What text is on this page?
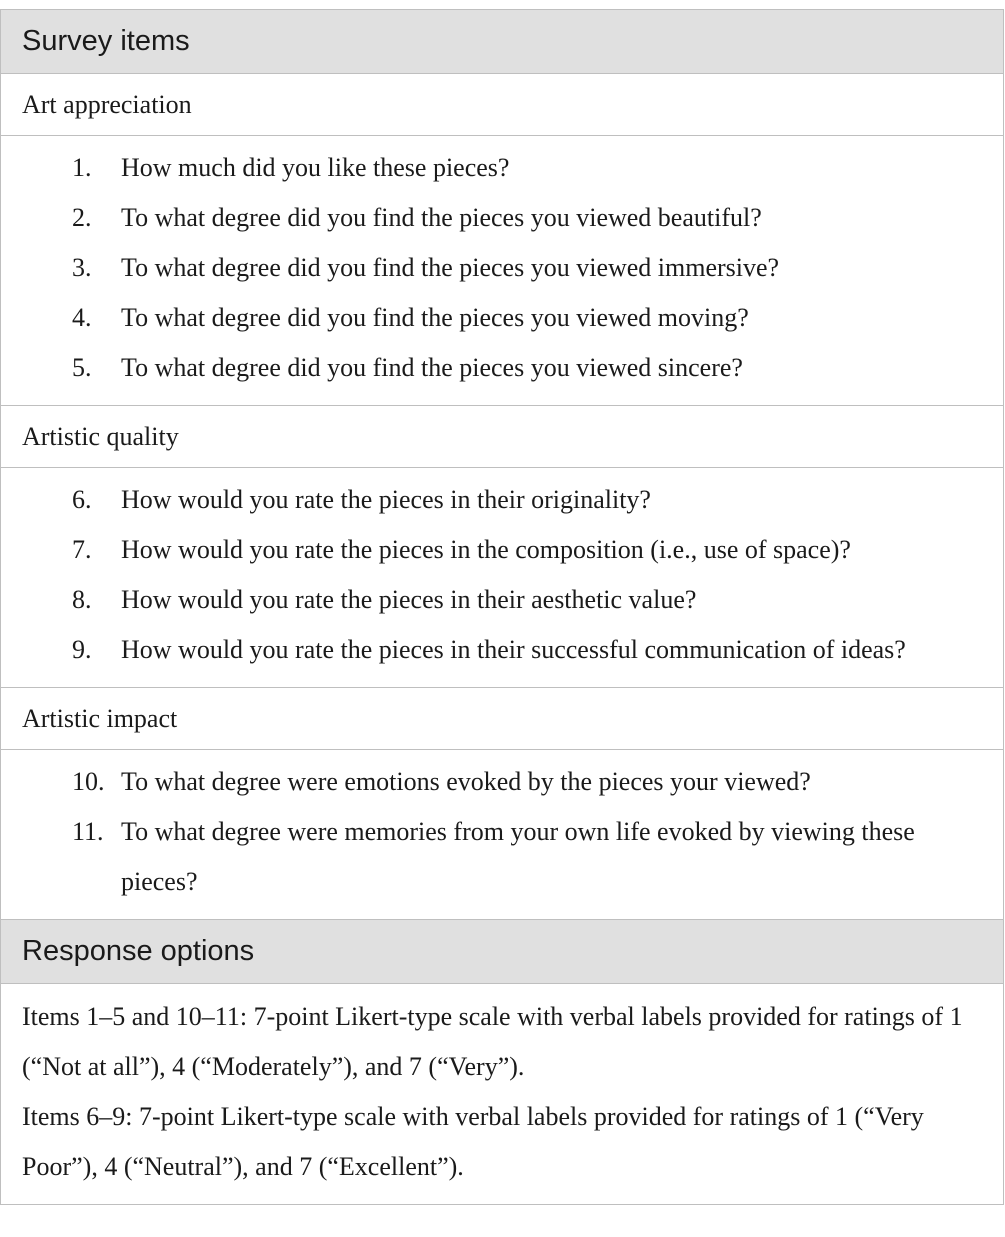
Survey items
Art appreciation
1.	How much did you like these pieces?
2.	To what degree did you find the pieces you viewed beautiful?
3.	To what degree did you find the pieces you viewed immersive?
4.	To what degree did you find the pieces you viewed moving?
5.	To what degree did you find the pieces you viewed sincere?
Artistic quality
6.	How would you rate the pieces in their originality?
7.	How would you rate the pieces in the composition (i.e., use of space)?
8.	How would you rate the pieces in their aesthetic value?
9.	How would you rate the pieces in their successful communication of ideas?
Artistic impact
10. To what degree were emotions evoked by the pieces your viewed?
11. To what degree were memories from your own life evoked by viewing these pieces?
Response options

Items 1–5 and 10–11: 7-point Likert-type scale with verbal labels provided for ratings of 1 (“Not at all”), 4 (“Moderately”), and 7 (“Very”).

Items 6–9: 7-point Likert-type scale with verbal labels provided for ratings of 1 (“Very Poor”), 4 (“Neutral”), and 7 (“Excellent”).
